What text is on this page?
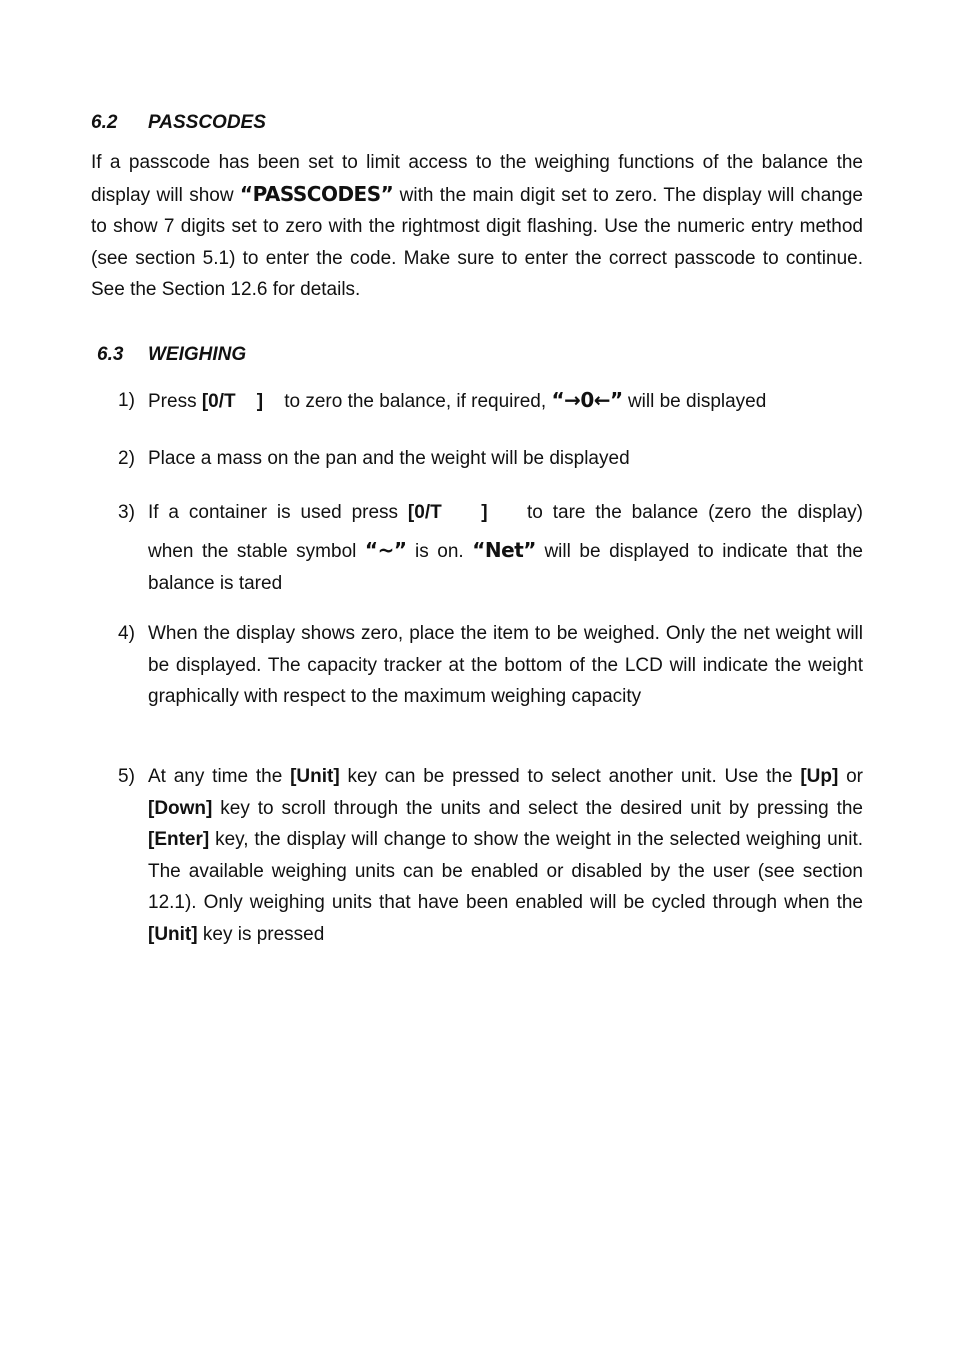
6.2 PASSCODES
If a passcode has been set to limit access to the weighing functions of the balance the display will show “PASSCODES” with the main digit set to zero. The display will change to show 7 digits set to zero with the rightmost digit flashing. Use the numeric entry method (see section 5.1) to enter the code. Make sure to enter the correct passcode to continue. See the Section 12.6 for details.
6.3 WEIGHING
1) Press [0/T    ]    to zero the balance, if required, “→0←” will be displayed
2) Place a mass on the pan and the weight will be displayed
3) If a container is used press [0/T    ]    to tare the balance (zero the display)
when the stable symbol “~” is on. “Net” will be displayed to indicate that the
balance is tared
4) When the display shows zero, place the item to be weighed. Only the net weight will be displayed. The capacity tracker at the bottom of the LCD will indicate the weight graphically with respect to the maximum weighing capacity
5) At any time the [Unit] key can be pressed to select another unit. Use the [Up] or [Down] key to scroll through the units and select the desired unit by pressing the [Enter] key, the display will change to show the weight in the selected weighing unit. The available weighing units can be enabled or disabled by the user (see section 12.1). Only weighing units that have been enabled will be cycled through when the [Unit] key is pressed
